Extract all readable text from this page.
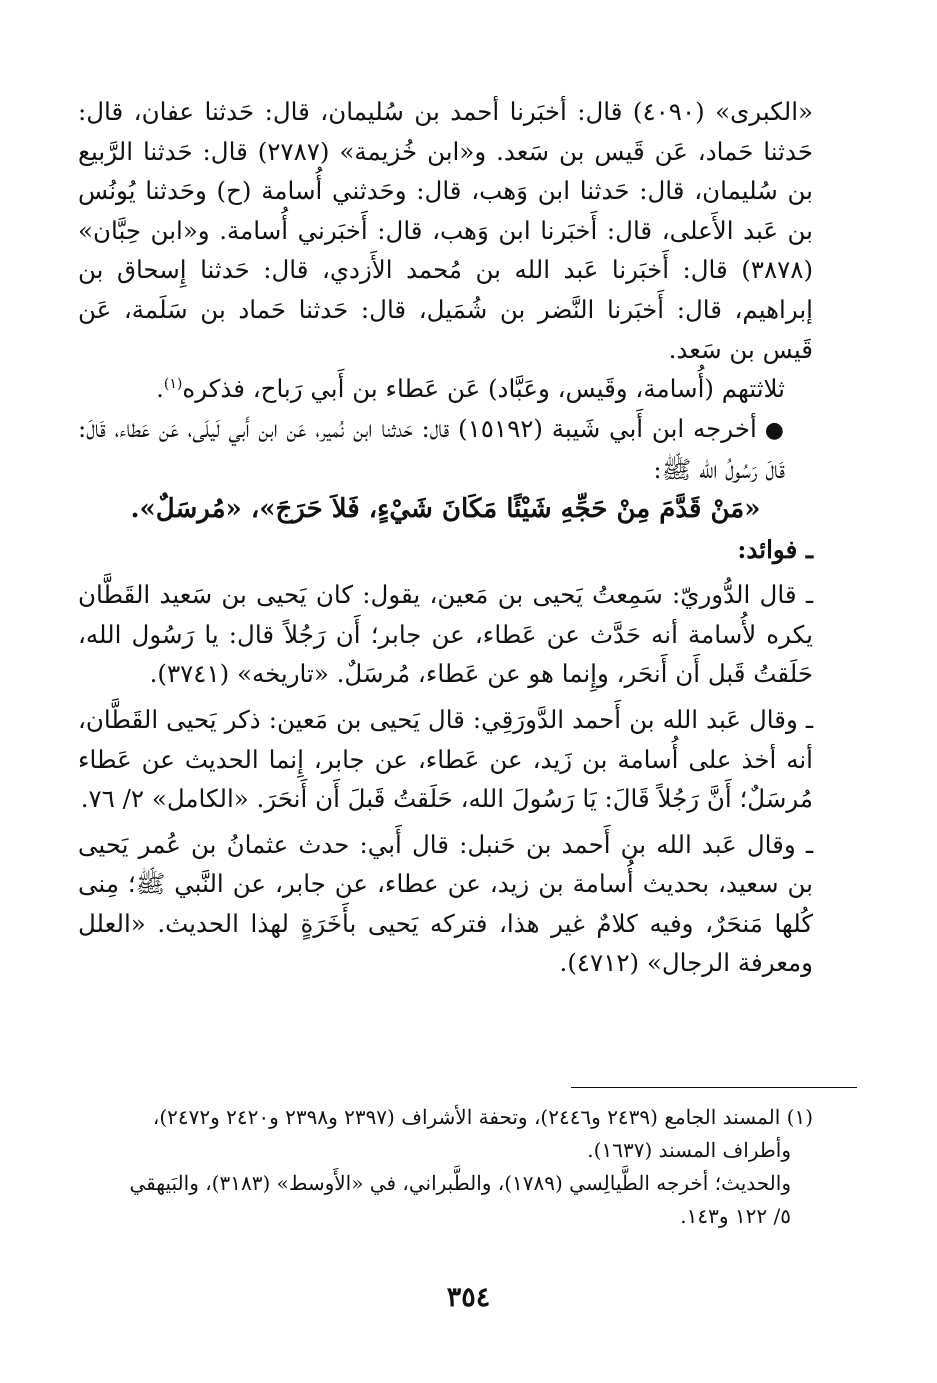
«الكبرى» (٤٠٩٠) قال: أخبَرنا أحمد بن سُليمان، قال: حَدثنا عفان، قال: حَدثنا حَماد، عَن قَيس بن سَعد. و«ابن خُزيمة» (٢٧٨٧) قال: حَدثنا الرَّبيع بن سُليمان، قال: حَدثنا ابن وَهب، قال: وحَدثني أُسامة (ح) وحَدثنا يُونُس بن عَبد الأَعلى، قال: أَخبَرنا ابن وَهب، قال: أَخبَرني أُسامة. و«ابن حِبَّان» (٣٨٧٨) قال: أَخبَرنا عَبد الله بن مُحمد الأَزدي، قال: حَدثنا إِسحاق بن إبراهيم، قال: أَخبَرنا النَّضر بن شُمَيل، قال: حَدثنا حَماد بن سَلَمة، عَن قَيس بن سَعد.

ثلاثتهم (أُسامة، وقَيس، وعَبَّاد) عَن عَطاء بن أَبي رَباح، فذكره$^{(١)}$.

●أخرجه ابن أَبي شَيبة (١٥١٩٢) قال: حَدثنا ابن نُمير، عَن ابن أَبي لَيلَى، عَن عَطاء، قَالَ: قَالَ رَسُولُ الله ﷺ:

«مَنْ قَدَّمَ مِنْ حَجِّهِ شَيْئًا مَكَانَ شَيْءٍ، فَلاَ حَرَجَ»، «مُرسَلٌ».

ـ فوائد:

ـ قال الدُّوريّ: سَمِعتُ يَحيى بن مَعين، يقول: كان يَحيى بن سَعيد القَطَّان يكره لأُسامة أنه حَدَّث عن عَطاء، عن جابر؛ أَن رَجُلاً قال: يا رَسُول الله، حَلَقتُ قَبل أَن أَنحَر، وإِنما هو عن عَطاء، مُرسَلٌ. «تاريخه» (٣٧٤١).

ـ وقال عَبد الله بن أَحمد الدَّورَقِي: قال يَحيى بن مَعين: ذكر يَحيى القَطَّان، أنه أخذ على أُسامة بن زَيد، عن عَطاء، عن جابر، إِنما الحديث عن عَطاء مُرسَلٌ؛ أَنَّ رَجُلاً قَالَ: يَا رَسُولَ الله، حَلَقتُ قَبلَ أَن أَنحَرَ. «الكامل» ٢/ ٧٦.

ـ وقال عَبد الله بن أَحمد بن حَنبل: قال أَبي: حدث عثمانُ بن عُمر يَحيى بن سعيد، بحديث أُسامة بن زيد، عن عطاء، عن جابر، عن النَّبي ﷺ؛ مِنى كُلها مَنحَرٌ، وفيه كلامٌ غير هذا، فتركه يَحيى بأَخَرَةٍ لهذا الحديث. «العلل ومعرفة الرجال» (٤٧١٢).

(١) المسند الجامع (٢٤٣٩ و٢٤٤٦)، وتحفة الأشراف (٢٣٩٧ و٢٣٩٨ و٢٤٢٠ و٢٤٧٢)،

وأطراف المسند (١٦٣٧).

والحديث؛ أخرجه الطَّيالِسي (١٧٨٩)، والطَّبراني، في «الأَوسط» (٣١٨٣)، والبَيهقي

٥/ ١٢٢ و١٤٣.

٣٥٤
